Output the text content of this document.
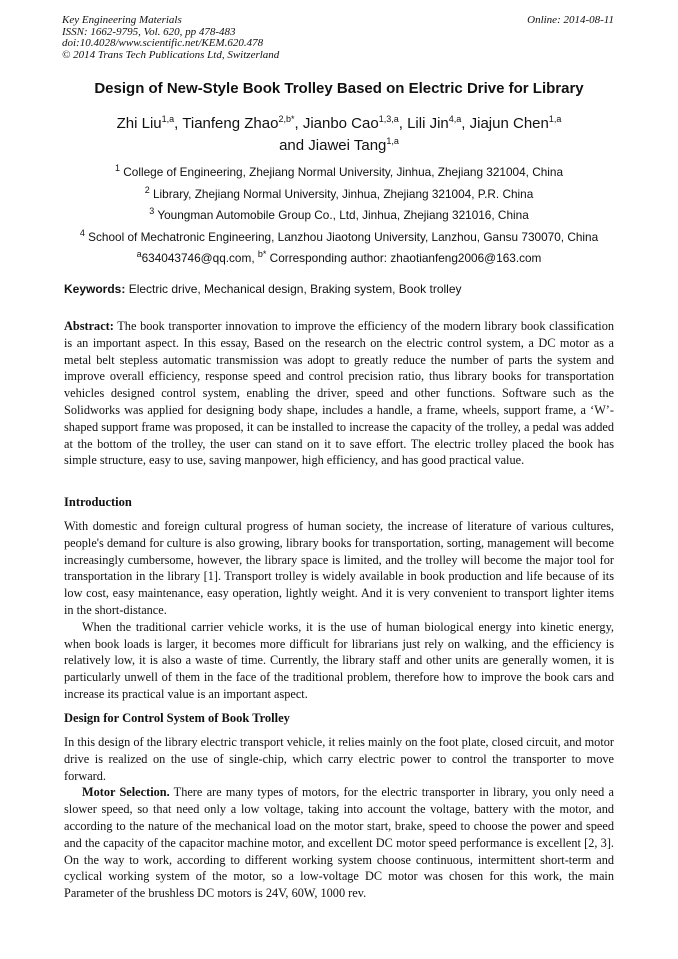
Key Engineering Materials
ISSN: 1662-9795, Vol. 620, pp 478-483
doi:10.4028/www.scientific.net/KEM.620.478
© 2014 Trans Tech Publications Ltd, Switzerland
Online: 2014-08-11
Design of New-Style Book Trolley Based on Electric Drive for Library
Zhi Liu$^{1,a}$, Tianfeng Zhao$^{2,b*}$, Jianbo Cao$^{1,3,a}$, Lili Jin$^{4,a}$, Jiajun Chen$^{1,a}$
and Jiawei Tang$^{1,a}$
$^1$ College of Engineering, Zhejiang Normal University, Jinhua, Zhejiang 321004, China
$^2$ Library, Zhejiang Normal University, Jinhua, Zhejiang 321004, P.R. China
$^3$ Youngman Automobile Group Co., Ltd, Jinhua, Zhejiang 321016, China
$^4$ School of Mechatronic Engineering, Lanzhou Jiaotong University, Lanzhou, Gansu 730070, China
$^a$634043746@qq.com, $^{b*}$ Corresponding author: zhaotianfeng2006@163.com
Keywords: Electric drive, Mechanical design, Braking system, Book trolley

Abstract: The book transporter innovation to improve the efficiency of the modern library book classification is an important aspect. In this essay, Based on the research on the electric control system, a DC motor as a metal belt stepless automatic transmission was adopt to greatly reduce the number of parts the system and improve overall efficiency, response speed and control precision ratio, thus library books for transportation vehicles designed control system, enabling the driver, speed and other functions. Software such as the Solidworks was applied for designing body shape, includes a handle, a frame, wheels, support frame, a ‘W’-shaped support frame was proposed, it can be installed to increase the capacity of the trolley, a pedal was added at the bottom of the trolley, the user can stand on it to save effort. The electric trolley placed the book has simple structure, easy to use, saving manpower, high efficiency, and has good practical value.

Introduction

With domestic and foreign cultural progress of human society, the increase of literature of various cultures, people's demand for culture is also growing, library books for transportation, sorting, management will become increasingly cumbersome, however, the library space is limited, and the trolley will become the major tool for transportation in the library [1]. Transport trolley is widely available in book production and life because of its low cost, easy maintenance, easy operation, lightly weight. And it is very convenient to transport lighter items in the short-distance.

When the traditional carrier vehicle works, it is the use of human biological energy into kinetic energy, when book loads is larger, it becomes more difficult for librarians just rely on walking, and the efficiency is relatively low, it is also a waste of time. Currently, the library staff and other units are generally women, it is particularly unwell of them in the face of the traditional problem, therefore how to improve the book cars and increase its practical value is an important aspect.

Design for Control System of Book Trolley

In this design of the library electric transport vehicle, it relies mainly on the foot plate, closed circuit, and motor drive is realized on the use of single-chip, which carry electric power to control the transporter to move forward.

Motor Selection. There are many types of motors, for the electric transporter in library, you only need a slower speed, so that need only a low voltage, taking into account the voltage, battery with the motor, and according to the nature of the mechanical load on the motor start, brake, speed to choose the power and speed and the capacity of the capacitor machine motor, and excellent DC motor speed performance is excellent [2, 3]. On the way to work, according to different working system choose continuous, intermittent short-term and cyclical working system of the motor, so a low-voltage DC motor was chosen for this work, the main Parameter of the brushless DC motors is 24V, 60W, 1000 rev.
